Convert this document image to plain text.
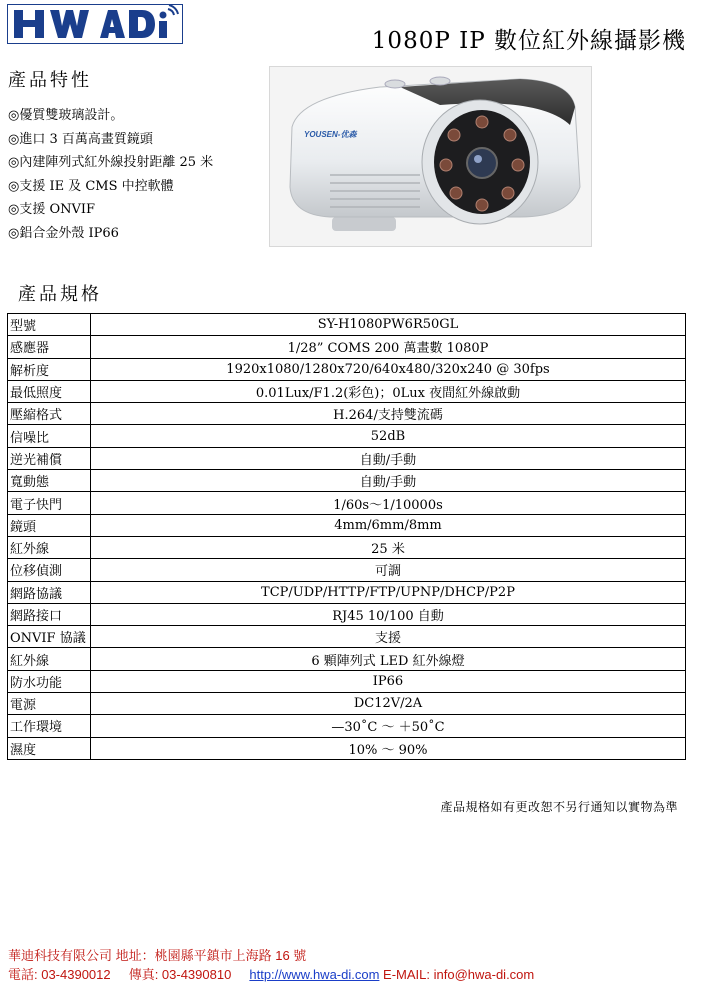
1080P IP 數位紅外線攝影機
產品特性
◎優質雙玻璃設計。
◎進口 3 百萬高畫質鏡頭
◎內建陣列式紅外線投射距離 25 米
◎支援 IE 及 CMS 中控軟體
◎支援 ONVIF
◎鋁合金外殼 IP66
YOUSEN-优森
產品規格
型號	SY-H1080PW6R50GL
感應器	1/28” COMS 200 萬畫數 1080P
解析度	1920x1080/1280x720/640x480/320x240 @ 30fps
最低照度	0.01Lux/F1.2(彩色)；0Lux 夜間紅外線啟動
壓縮格式	H.264/支持雙流碼
信噪比	52dB
逆光補償	自動/手動
寬動態	自動/手動
電子快門	1/60s～1/10000s
鏡頭	4mm/6mm/8mm
紅外線	25 米
位移偵測	可調
網路協議	TCP/UDP/HTTP/FTP/UPNP/DHCP/P2P
網路接口	RJ45 10/100 自動
ONVIF 協議	支援
紅外線	6 顆陣列式 LED 紅外線燈
防水功能	IP66
電源	DC12V/2A
工作環境	—30˚C ～ ＋50˚C
濕度	10% ～ 90%
產品規格如有更改恕不另行通知以實物為準
華迪科技有限公司 地址：桃園縣平鎮市上海路 16 號
電話: 03-4390012 傳真: 03-4390810 http://www.hwa-di.com E-MAIL: info@hwa-di.com
